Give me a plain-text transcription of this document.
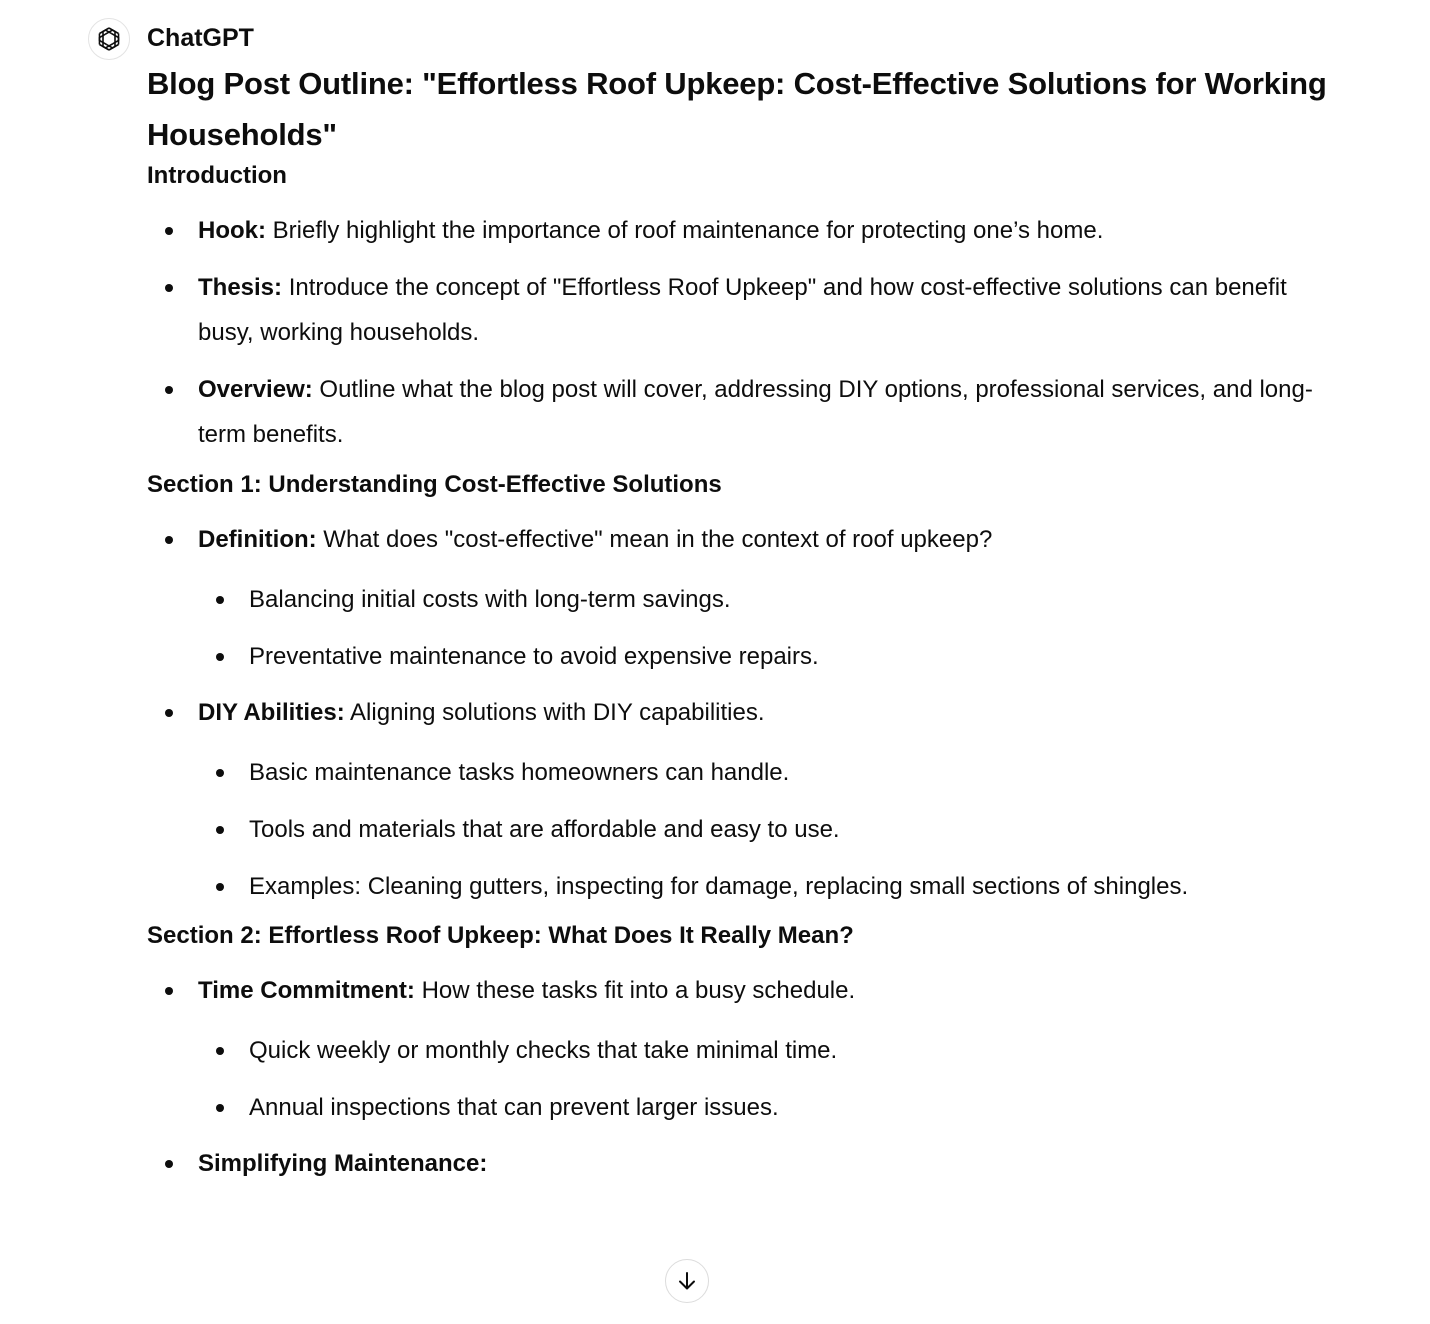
ChatGPT
Blog Post Outline: "Effortless Roof Upkeep: Cost-Effective Solutions for Working Households"
Introduction
Hook: Briefly highlight the importance of roof maintenance for protecting one’s home.
Thesis: Introduce the concept of "Effortless Roof Upkeep" and how cost-effective solutions can benefit busy, working households.
Overview: Outline what the blog post will cover, addressing DIY options, professional services, and long-term benefits.
Section 1: Understanding Cost-Effective Solutions
Definition: What does "cost-effective" mean in the context of roof upkeep?
Balancing initial costs with long-term savings.
Preventative maintenance to avoid expensive repairs.
DIY Abilities: Aligning solutions with DIY capabilities.
Basic maintenance tasks homeowners can handle.
Tools and materials that are affordable and easy to use.
Examples: Cleaning gutters, inspecting for damage, replacing small sections of shingles.
Section 2: Effortless Roof Upkeep: What Does It Really Mean?
Time Commitment: How these tasks fit into a busy schedule.
Quick weekly or monthly checks that take minimal time.
Annual inspections that can prevent larger issues.
Simplifying Maintenance:
